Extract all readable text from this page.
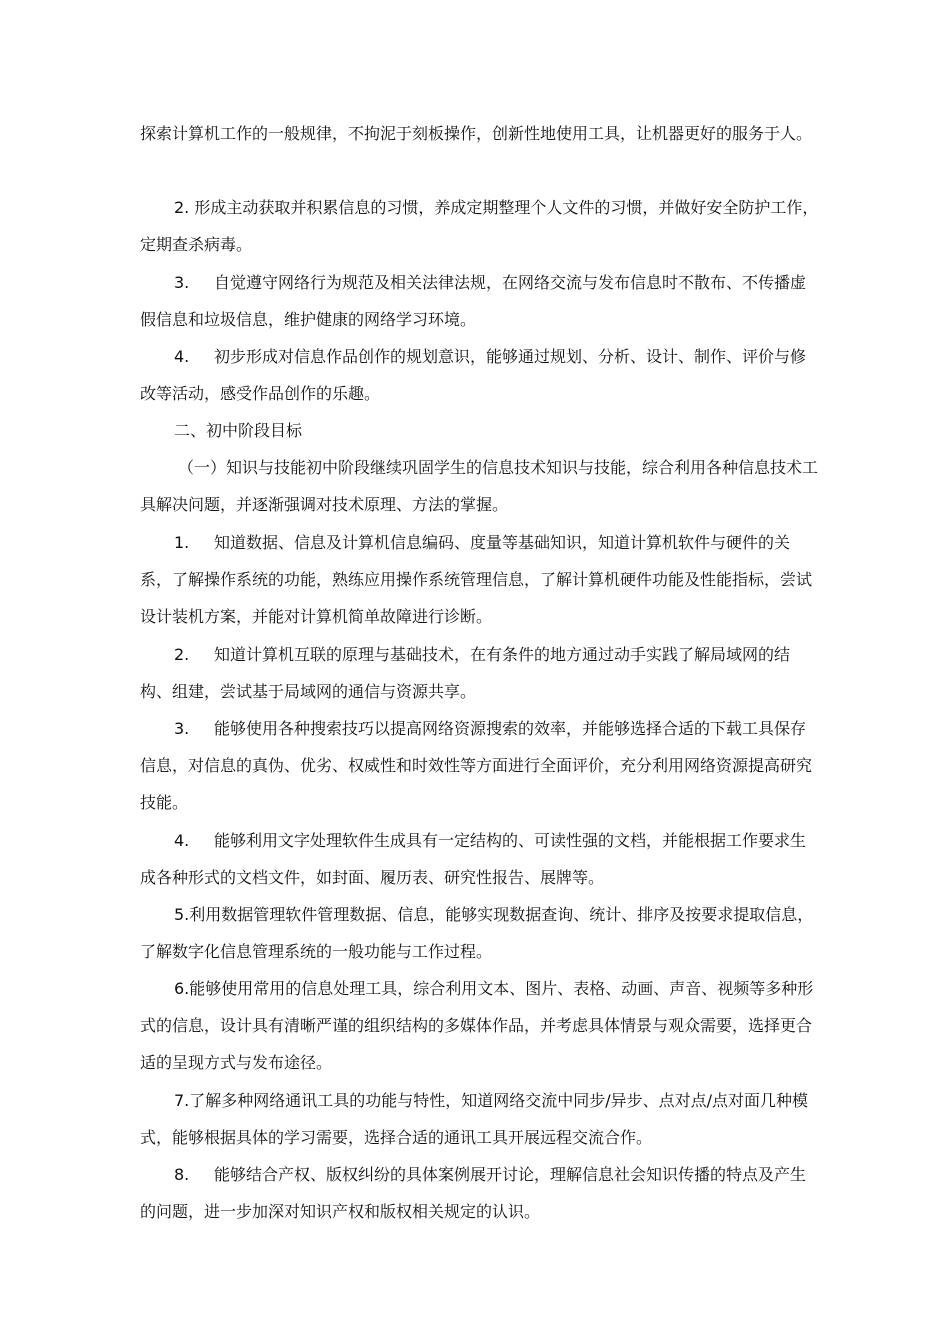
探索计算机工作的一般规律，不拘泥于刻板操作，创新性地使用工具，让机器更好的服务于人。

2. 形成主动获取并积累信息的习惯，养成定期整理个人文件的习惯，并做好安全防护工作，定期查杀病毒。

3. 自觉遵守网络行为规范及相关法律法规，在网络交流与发布信息时不散布、不传播虚假信息和垃圾信息，维护健康的网络学习环境。

4. 初步形成对信息作品创作的规划意识，能够通过规划、分析、设计、制作、评价与修改等活动，感受作品创作的乐趣。

二、初中阶段目标

（一）知识与技能初中阶段继续巩固学生的信息技术知识与技能，综合利用各种信息技术工具解决问题，并逐渐强调对技术原理、方法的掌握。

1. 知道数据、信息及计算机信息编码、度量等基础知识，知道计算机软件与硬件的关系，了解操作系统的功能，熟练应用操作系统管理信息，了解计算机硬件功能及性能指标，尝试设计装机方案，并能对计算机简单故障进行诊断。

2. 知道计算机互联的原理与基础技术，在有条件的地方通过动手实践了解局域网的结构、组建，尝试基于局域网的通信与资源共享。

3. 能够使用各种搜索技巧以提高网络资源搜索的效率，并能够选择合适的下载工具保存信息，对信息的真伪、优劣、权威性和时效性等方面进行全面评价，充分利用网络资源提高研究技能。

4. 能够利用文字处理软件生成具有一定结构的、可读性强的文档，并能根据工作要求生成各种形式的文档文件，如封面、履历表、研究性报告、展牌等。

5.利用数据管理软件管理数据、信息，能够实现数据查询、统计、排序及按要求提取信息，了解数字化信息管理系统的一般功能与工作过程。

6.能够使用常用的信息处理工具，综合利用文本、图片、表格、动画、声音、视频等多种形式的信息，设计具有清晰严谨的组织结构的多媒体作品，并考虑具体情景与观众需要，选择更合适的呈现方式与发布途径。

7.了解多种网络通讯工具的功能与特性，知道网络交流中同步/异步、点对点/点对面几种模式，能够根据具体的学习需要，选择合适的通讯工具开展远程交流合作。

8. 能够结合产权、版权纠纷的具体案例展开讨论，理解信息社会知识传播的特点及产生的问题，进一步加深对知识产权和版权相关规定的认识。
